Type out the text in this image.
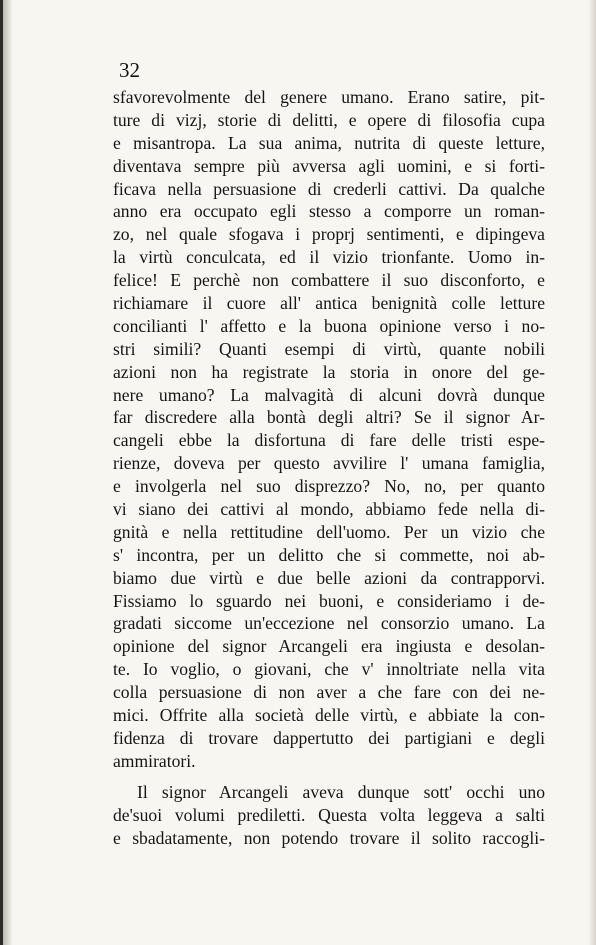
32
sfavorevolmente del genere umano. Erano satire, pit-
ture di vizj, storie di delitti, e opere di filosofia cupa
e misantropa. La sua anima, nutrita di queste letture,
diventava sempre più avversa agli uomini, e si forti-
ficava nella persuasione di crederli cattivi. Da qualche
anno era occupato egli stesso a comporre un roman-
zo, nel quale sfogava i proprj sentimenti, e dipingeva
la virtù conculcata, ed il vizio trionfante. Uomo in-
felice! E perchè non combattere il suo disconforto, e
richiamare il cuore all' antica benignità colle letture
concilianti l' affetto e la buona opinione verso i no-
stri simili? Quanti esempi di virtù, quante nobili
azioni non ha registrate la storia in onore del ge-
nere umano? La malvagità di alcuni dovrà dunque
far discredere alla bontà degli altri? Se il signor Ar-
cangeli ebbe la disfortuna di fare delle tristi espe-
rienze, doveva per questo avvilire l' umana famiglia,
e involgerla nel suo disprezzo? No, no, per quanto
vi siano dei cattivi al mondo, abbiamo fede nella di-
gnità e nella rettitudine dell'uomo. Per un vizio che
s' incontra, per un delitto che si commette, noi ab-
biamo due virtù e due belle azioni da contrapporvi.
Fissiamo lo sguardo nei buoni, e consideriamo i de-
gradati siccome un'eccezione nel consorzio umano. La
opinione del signor Arcangeli era ingiusta e desolan-
te. Io voglio, o giovani, che v' innoltriate nella vita
colla persuasione di non aver a che fare con dei ne-
mici. Offrite alla società delle virtù, e abbiate la con-
fidenza di trovare dappertutto dei partigiani e degli
ammiratori.
Il signor Arcangeli aveva dunque sott' occhi uno
de'suoi volumi prediletti. Questa volta leggeva a salti
e sbadatamente, non potendo trovare il solito raccogli-
